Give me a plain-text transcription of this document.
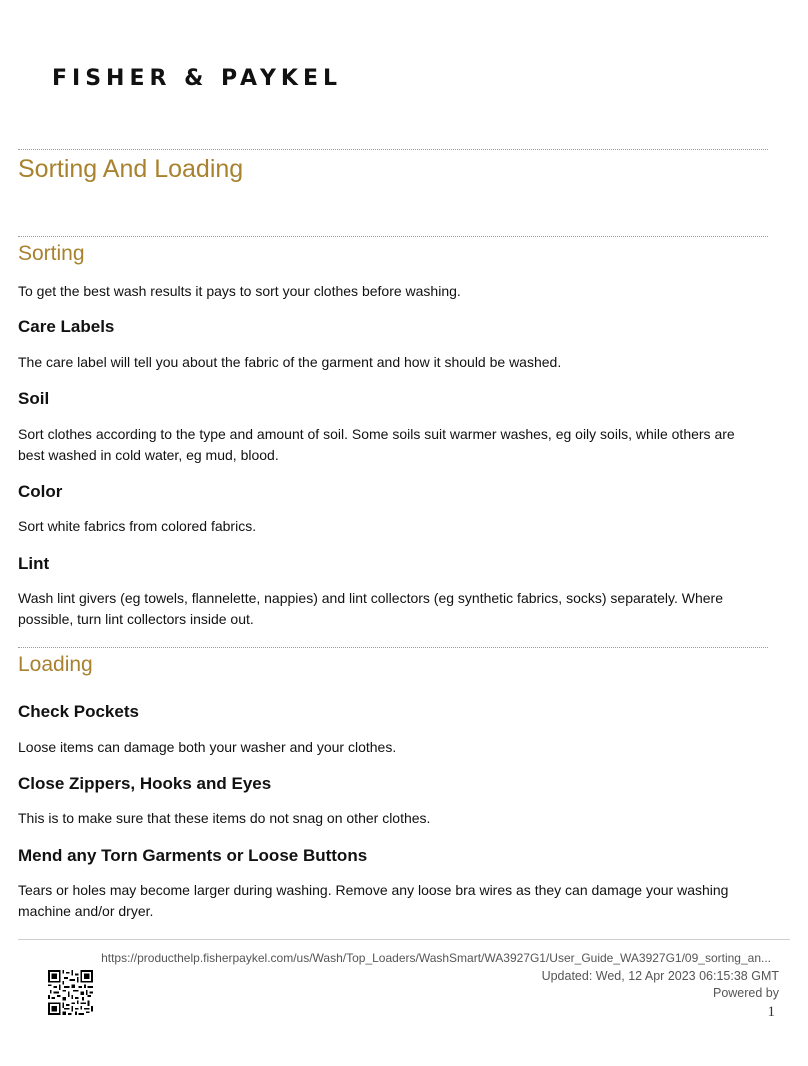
FISHER & PAYKEL
Sorting And Loading
Sorting

To get the best wash results it pays to sort your clothes before washing.

Care Labels

The care label will tell you about the fabric of the garment and how it should be washed.

Soil

Sort clothes according to the type and amount of soil. Some soils suit warmer washes, eg oily soils, while others are best washed in cold water, eg mud, blood.

Color

Sort white fabrics from colored fabrics.

Lint

Wash lint givers (eg towels, flannelette, nappies) and lint collectors (eg synthetic fabrics, socks) separately. Where possible, turn lint collectors inside out.

Loading
Check Pockets

Loose items can damage both your washer and your clothes.

Close Zippers, Hooks and Eyes

This is to make sure that these items do not snag on other clothes.

Mend any Torn Garments or Loose Buttons

Tears or holes may become larger during washing. Remove any loose bra wires as they can damage your washing machine and/or dryer.

https://producthelp.fisherpaykel.com/us/Wash/Top_Loaders/WashSmart/WA3927G1/User_Guide_WA3927G1/09_sorting_an...

Updated: Wed, 12 Apr 2023 06:15:38 GMT

Powered by

1
